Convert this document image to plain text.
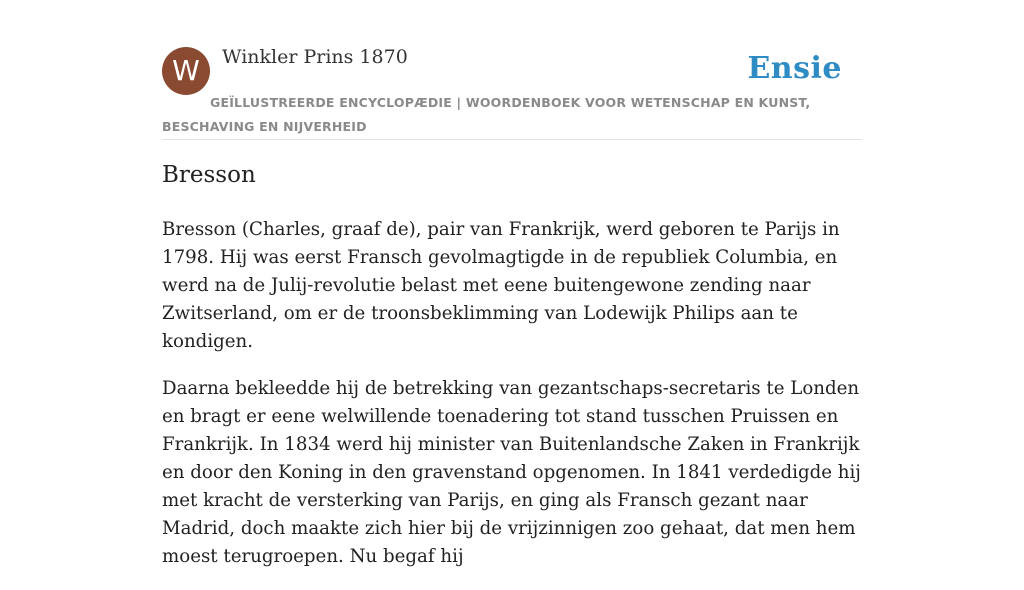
W	Winkler Prins 1870	Ensie
GEÏLLUSTREERDE ENCYCLOPÆDIE | WOORDENBOEK VOOR WETENSCHAP EN KUNST, BESCHAVING EN NIJVERHEID
Bresson

Bresson (Charles, graaf de), pair van Frankrijk, werd geboren te Parijs in 1798. Hij was eerst Fransch gevolmagtigde in de republiek Columbia, en werd na de Julij-revolutie belast met eene buitengewone zending naar Zwitserland, om er de troonsbeklimming van Lodewijk Philips aan te kondigen.

Daarna bekleedde hij de betrekking van gezantschaps-secretaris te Londen en bragt er eene welwillende toenadering tot stand tusschen Pruissen en Frankrijk. In 1834 werd hij minister van Buitenlandsche Zaken in Frankrijk en door den Koning in den gravenstand opgenomen. In 1841 verdedigde hij met kracht de versterking van Parijs, en ging als Fransch gezant naar Madrid, doch maakte zich hier bij de vrijzinnigen zoo gehaat, dat men hem moest terugroepen. Nu begaf hij
